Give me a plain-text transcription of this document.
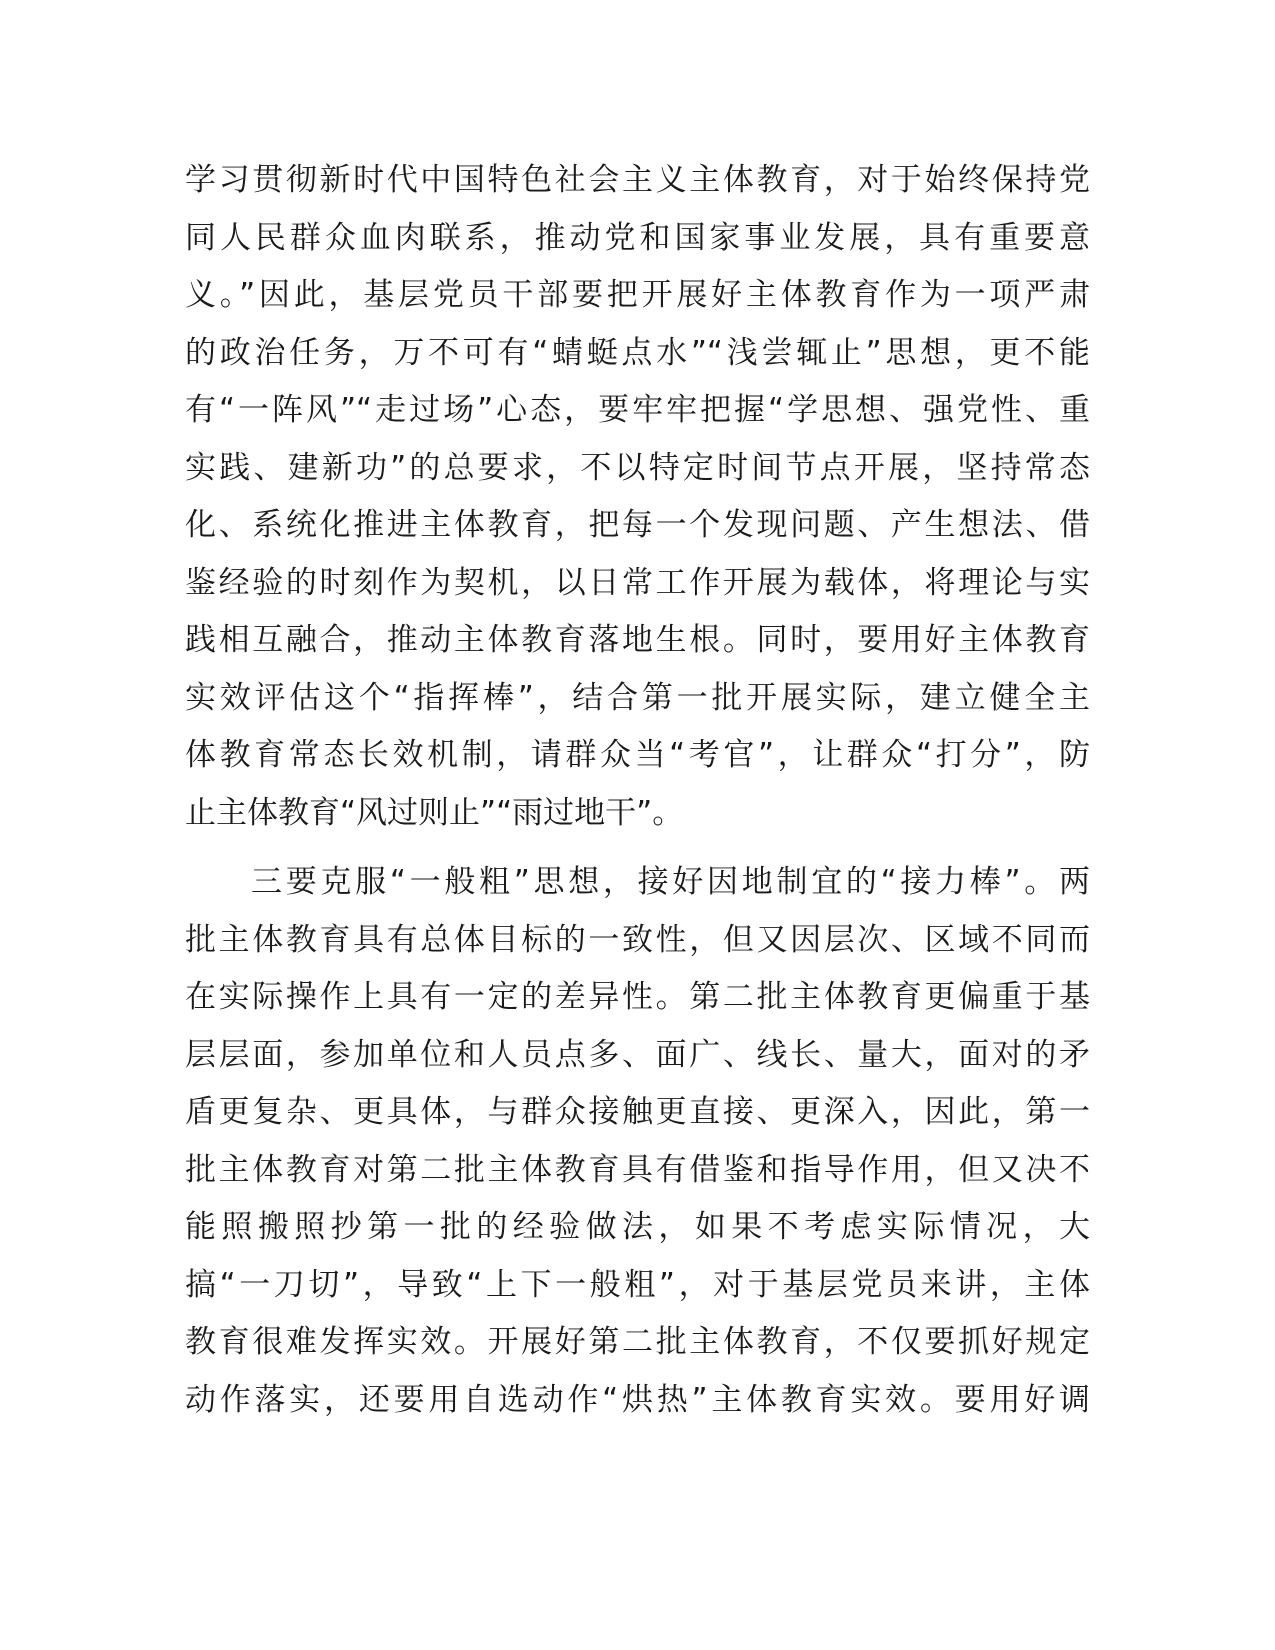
学习贯彻新时代中国特色社会主义主体教育，对于始终保持党
同人民群众血肉联系，推动党和国家事业发展，具有重要意
义。”因此，基层党员干部要把开展好主体教育作为一项严肃
的政治任务，万不可有“蜻蜓点水”“浅尝辄止”思想，更不能
有“一阵风”“走过场”心态，要牢牢把握“学思想、强党性、重
实践、建新功”的总要求，不以特定时间节点开展，坚持常态
化、系统化推进主体教育，把每一个发现问题、产生想法、借
鉴经验的时刻作为契机，以日常工作开展为载体，将理论与实
践相互融合，推动主体教育落地生根。同时，要用好主体教育
实效评估这个“指挥棒”，结合第一批开展实际，建立健全主
体教育常态长效机制，请群众当“考官”，让群众“打分”，防
止主体教育“风过则止”“雨过地干”。
三要克服“一般粗”思想，接好因地制宜的“接力棒”。两
批主体教育具有总体目标的一致性，但又因层次、区域不同而
在实际操作上具有一定的差异性。第二批主体教育更偏重于基
层层面，参加单位和人员点多、面广、线长、量大，面对的矛
盾更复杂、更具体，与群众接触更直接、更深入，因此，第一
批主体教育对第二批主体教育具有借鉴和指导作用，但又决不
能照搬照抄第一批的经验做法，如果不考虑实际情况，大
搞“一刀切”，导致“上下一般粗”，对于基层党员来讲，主体
教育很难发挥实效。开展好第二批主体教育，不仅要抓好规定
动作落实，还要用自选动作“烘热”主体教育实效。要用好调
